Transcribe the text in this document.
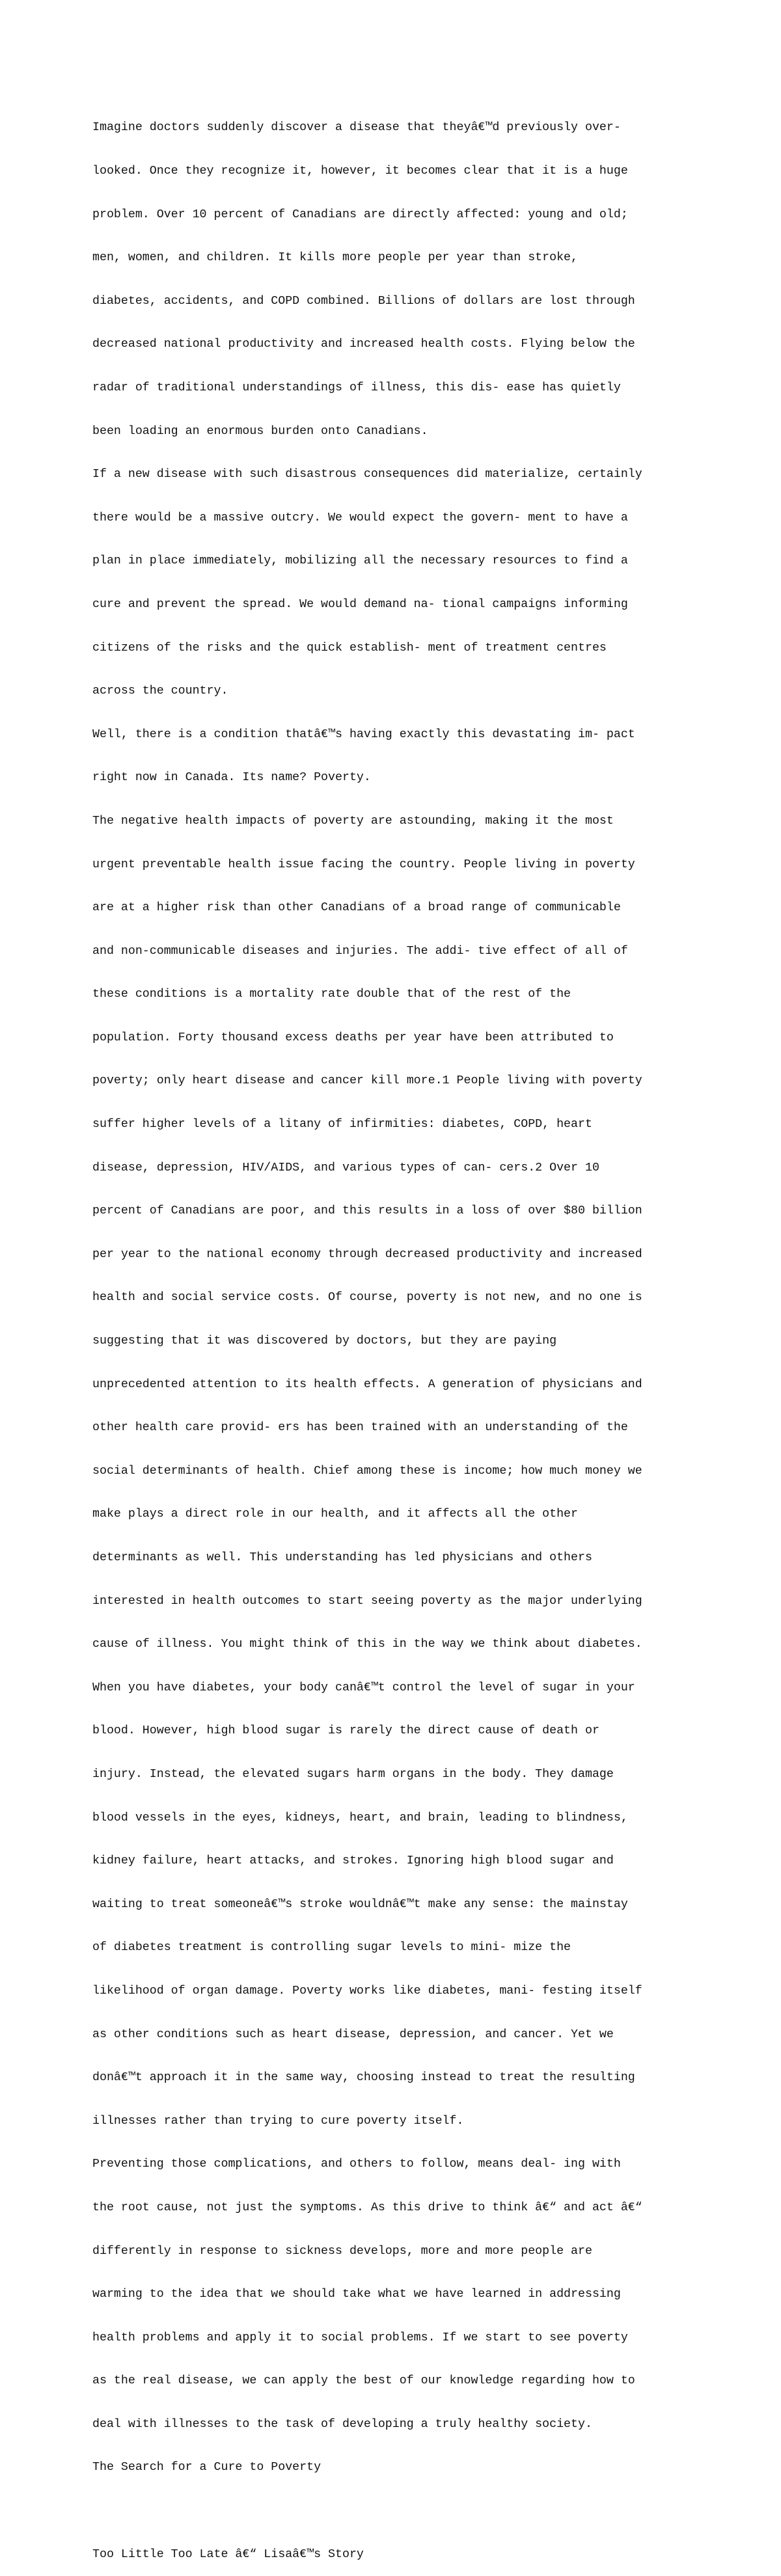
Imagine doctors suddenly discover a disease that theyâ€™d previously over-

looked. Once they recognize it, however, it becomes clear that it is a huge

problem. Over 10 percent of Canadians are directly affected: young and old;

men, women, and children. It kills more people per year than stroke,

diabetes, accidents, and COPD combined. Billions of dollars are lost through

decreased national productivity and increased health costs. Flying below the

radar of traditional understandings of illness, this dis- ease has quietly

been loading an enormous burden onto Canadians.

If a new disease with such disastrous consequences did materialize, certainly

there would be a massive outcry. We would expect the govern- ment to have a

plan in place immediately, mobilizing all the necessary resources to find a

cure and prevent the spread. We would demand na- tional campaigns informing

citizens of the risks and the quick establish- ment of treatment centres

across the country.

Well, there is a condition thatâ€™s having exactly this devastating im- pact

right now in Canada. Its name? Poverty.

The negative health impacts of poverty are astounding, making it the most

urgent preventable health issue facing the country. People living in poverty

are at a higher risk than other Canadians of a broad range of communicable

and non-communicable diseases and injuries. The addi- tive effect of all of

these conditions is a mortality rate double that of the rest of the

population. Forty thousand excess deaths per year have been attributed to

poverty; only heart disease and cancer kill more.1 People living with poverty

suffer higher levels of a litany of infirmities: diabetes, COPD, heart

disease, depression, HIV/AIDS, and various types of can- cers.2 Over 10

percent of Canadians are poor, and this results in a loss of over $80 billion

per year to the national economy through decreased productivity and increased

health and social service costs. Of course, poverty is not new, and no one is

suggesting that it was discovered by doctors, but they are paying

unprecedented attention to its health effects. A generation of physicians and

other health care provid- ers has been trained with an understanding of the

social determinants of health. Chief among these is income; how much money we

make plays a direct role in our health, and it affects all the other

determinants as well. This understanding has led physicians and others

interested in health outcomes to start seeing poverty as the major underlying

cause of illness. You might think of this in the way we think about diabetes.

When you have diabetes, your body canâ€™t control the level of sugar in your

blood. However, high blood sugar is rarely the direct cause of death or

injury. Instead, the elevated sugars harm organs in the body. They damage

blood vessels in the eyes, kidneys, heart, and brain, leading to blindness,

kidney failure, heart attacks, and strokes. Ignoring high blood sugar and

waiting to treat someoneâ€™s stroke wouldnâ€™t make any sense: the mainstay

of diabetes treatment is controlling sugar levels to mini- mize the

likelihood of organ damage. Poverty works like diabetes, mani- festing itself

as other conditions such as heart disease, depression, and cancer. Yet we

donâ€™t approach it in the same way, choosing instead to treat the resulting

illnesses rather than trying to cure poverty itself.

Preventing those complications, and others to follow, means deal- ing with

the root cause, not just the symptoms. As this drive to think â€“ and act â€“

differently in response to sickness develops, more and more people are

warming to the idea that we should take what we have learned in addressing

health problems and apply it to social problems. If we start to see poverty

as the real disease, we can apply the best of our knowledge regarding how to

deal with illnesses to the task of developing a truly healthy society.

The Search for a Cure to Poverty

Too Little Too Late â€“ Lisaâ€™s Story
